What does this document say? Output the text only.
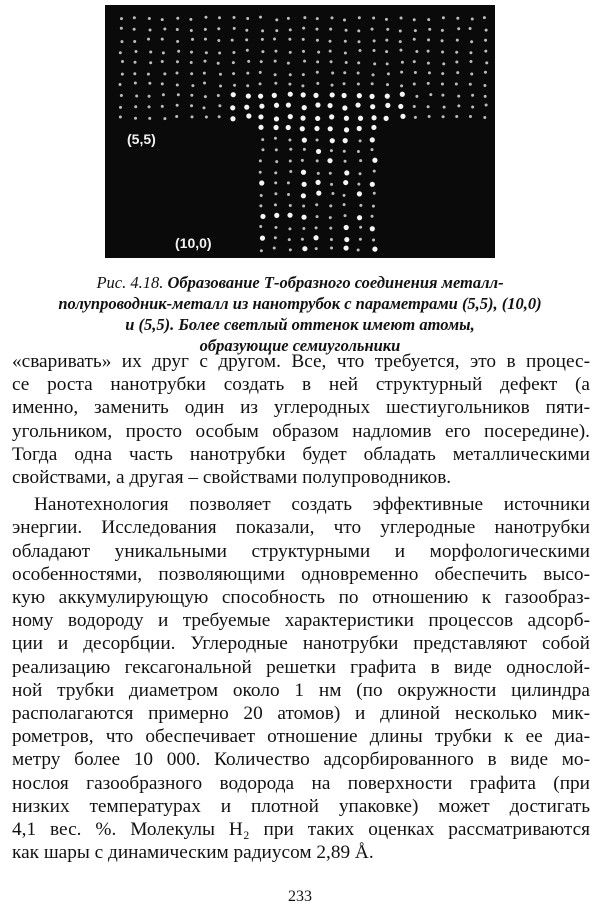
(5,5)
(10,0)
Рис. 4.18. Образование Т-образного соединения металл-
полупроводник-металл из нанотрубок с параметрами (5,5), (10,0)
и (5,5). Более светлый оттенок имеют атомы,
образующие семиугольники
«сваривать» их друг с другом. Все, что требуется, это в процес-
се роста нанотрубки создать в ней структурный дефект (а
именно, заменить один из углеродных шестиугольников пяти-
угольником, просто особым образом надломив его посередине).
Тогда одна часть нанотрубки будет обладать металлическими
свойствами, а другая – свойствами полупроводников.
Нанотехнология позволяет создать эффективные источники
энергии. Исследования показали, что углеродные нанотрубки
обладают уникальными структурными и морфологическими
особенностями, позволяющими одновременно обеспечить высо-
кую аккумулирующую способность по отношению к газообраз-
ному водороду и требуемые характеристики процессов адсорб-
ции и десорбции. Углеродные нанотрубки представляют собой
реализацию гексагональной решетки графита в виде однослой-
ной трубки диаметром около 1 нм (по окружности цилиндра
располагаются примерно 20 атомов) и длиной несколько мик-
рометров, что обеспечивает отношение длины трубки к ее диа-
метру более 10 000. Количество адсорбированного в виде мо-
нослоя газообразного водорода на поверхности графита (при
низких температурах и плотной упаковке) может достигать
4,1 вес. %. Молекулы H₂ при таких оценках рассматриваются
как шары с динамическим радиусом 2,89 Å.
233
